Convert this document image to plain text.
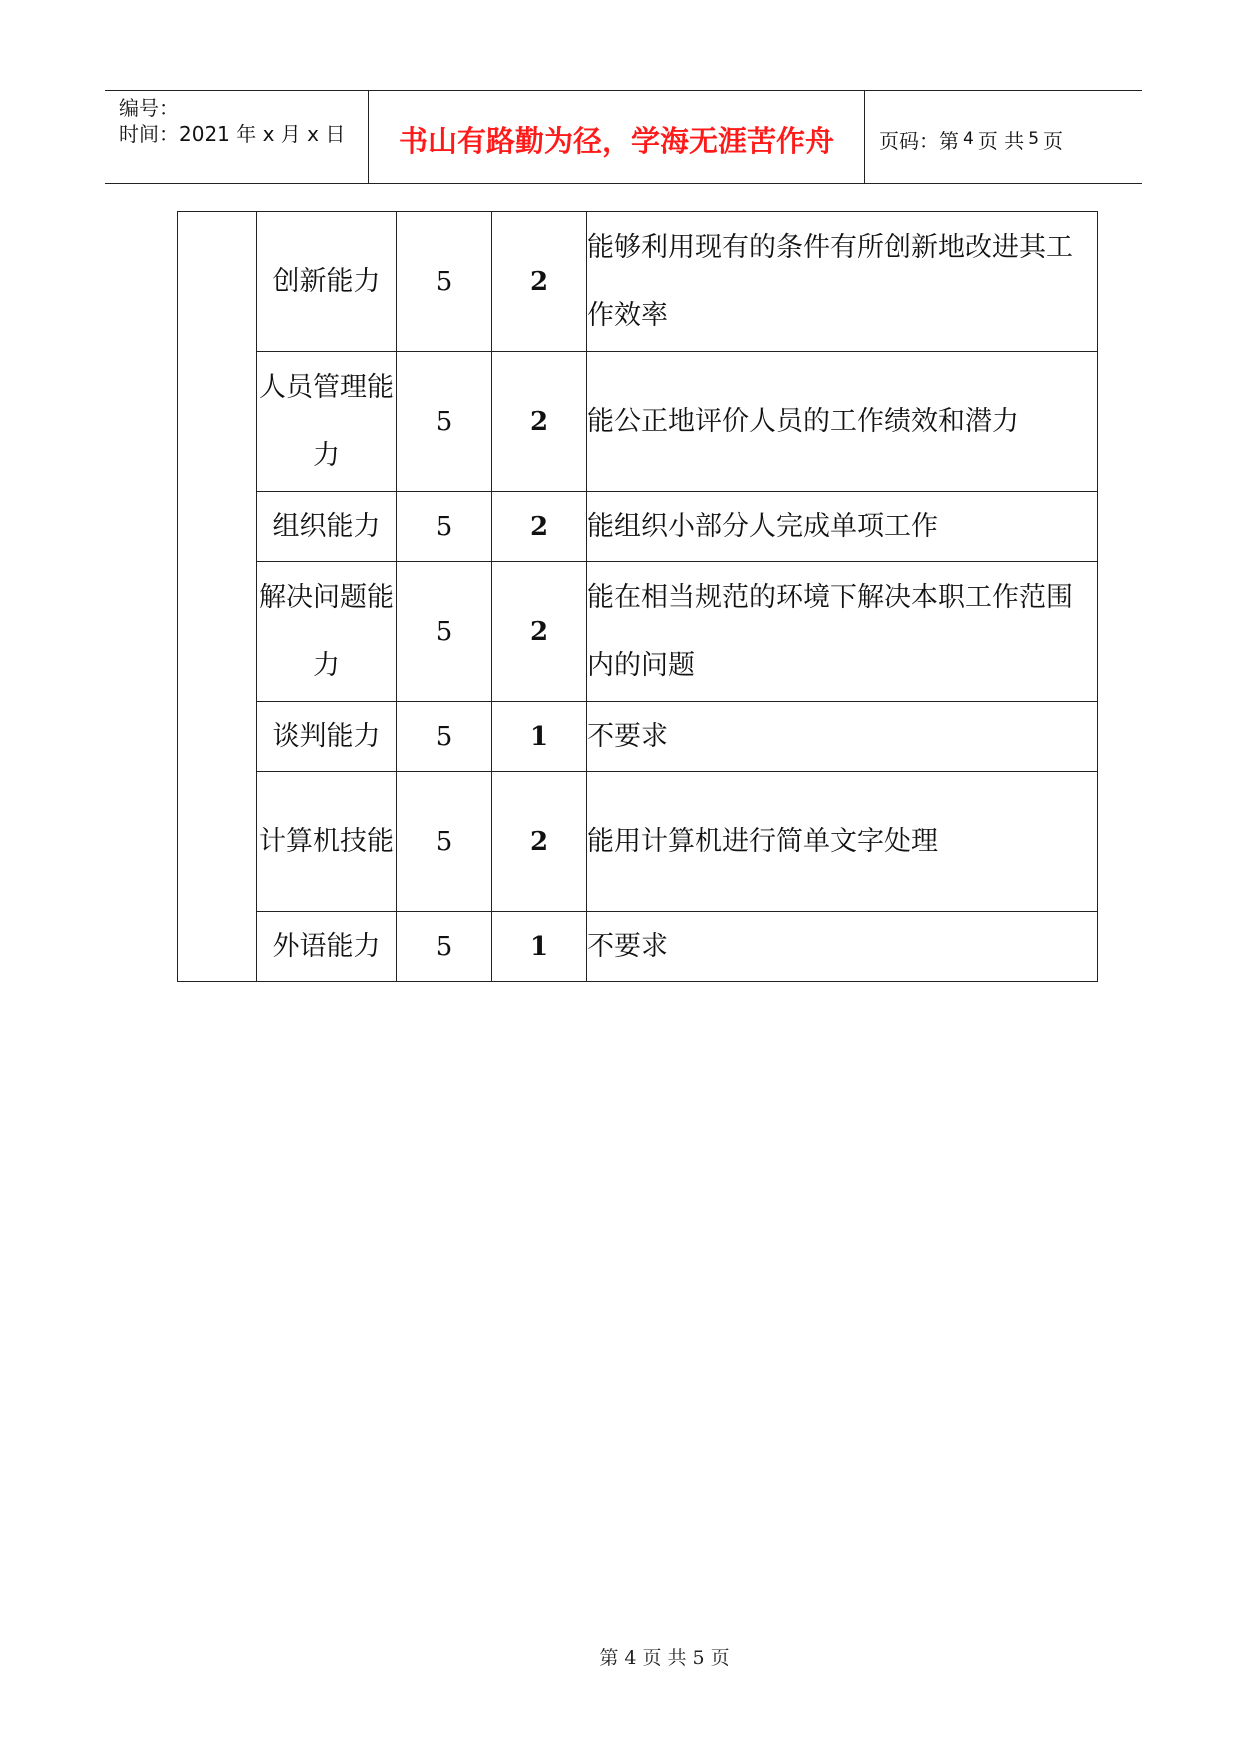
编号：
时间：2021 年 x 月 x 日	书山有路勤为径，学海无涯苦作舟 页码：第 4 页 共 5 页
	创新能力	5	2	能够利用现有的条件有所创新地改进其工作效率
	人员管理能力	5	2	能公正地评价人员的工作绩效和潜力
	组织能力	5	2	能组织小部分人完成单项工作
	解决问题能力	5	2	能在相当规范的环境下解决本职工作范围内的问题
	谈判能力	5	1	不要求
	计算机技能	5	2	能用计算机进行简单文字处理
	外语能力	5	1	不要求
第 4 页 共 5 页
